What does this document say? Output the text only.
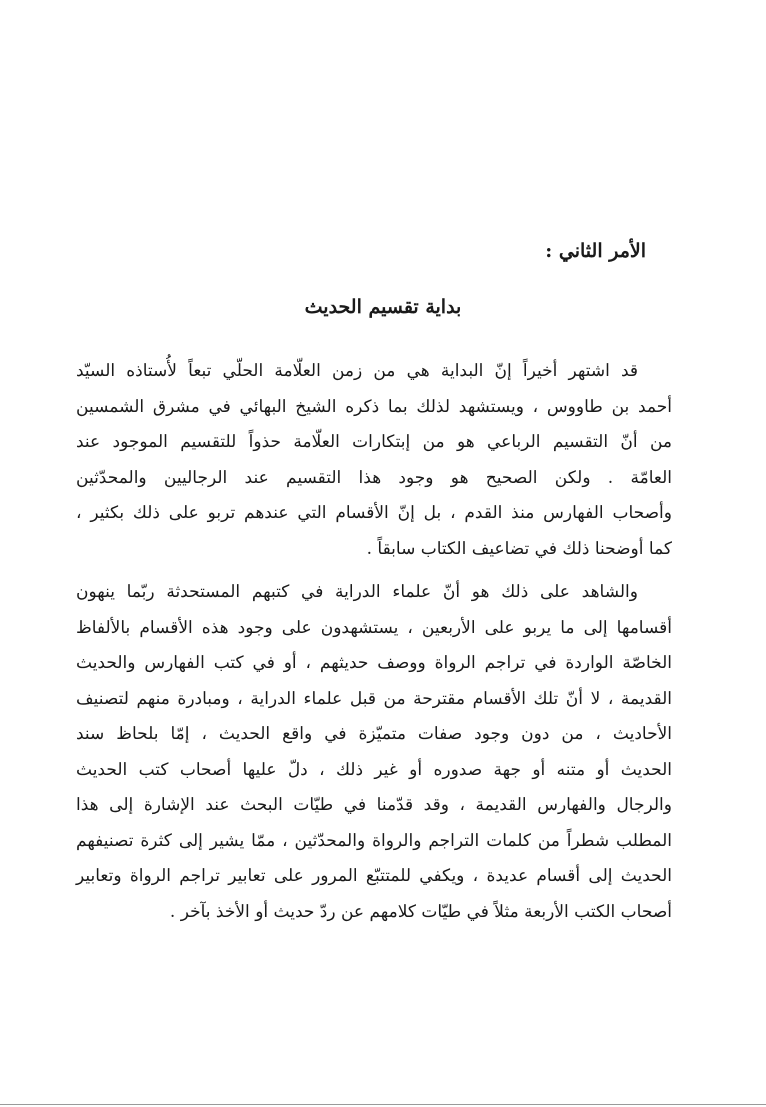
الأمر الثاني :
بداية تقسيم الحديث

قد اشتهر أخيراً إنّ البداية هي من زمن العلّامة الحلّي تبعاً لأُستاذه السيّد
أحمد بن طاووس ، ويستشهد لذلك بما ذكره الشيخ البهائي في مشرق الشمسين
من أنّ التقسيم الرباعي هو من إبتكارات العلّامة حذواً للتقسيم الموجود عند
العامّة . ولكن الصحيح هو وجود هذا التقسيم عند الرجاليين والمحدّثين
وأصحاب الفهارس منذ القدم ، بل إنّ الأقسام التي عندهم تربو على ذلك بكثير ،
كما أوضحنا ذلك في تضاعيف الكتاب سابقاً .

والشاهد على ذلك هو أنّ علماء الدراية في كتبهم المستحدثة ربّما ينهون
أقسامها إلى ما يربو على الأربعين ، يستشهدون على وجود هذه الأقسام بالألفاظ
الخاصّة الواردة في تراجم الرواة ووصف حديثهم ، أو في كتب الفهارس والحديث
القديمة ، لا أنّ تلك الأقسام مقترحة من قبل علماء الدراية ، ومبادرة منهم لتصنيف
الأحاديث ، من دون وجود صفات متميّزة في واقع الحديث ، إمّا بلحاظ سند
الحديث أو متنه أو جهة صدوره أو غير ذلك ، دلّ عليها أصحاب كتب الحديث
والرجال والفهارس القديمة ، وقد قدّمنا في طيّات البحث عند الإشارة إلى هذا
المطلب شطراً من كلمات التراجم والرواة والمحدّثين ، ممّا يشير إلى كثرة تصنيفهم
الحديث إلى أقسام عديدة ، ويكفي للمتتبّع المرور على تعابير تراجم الرواة وتعابير
أصحاب الكتب الأربعة مثلاً في طيّات كلامهم عن ردّ حديث أو الأخذ بآخر .
